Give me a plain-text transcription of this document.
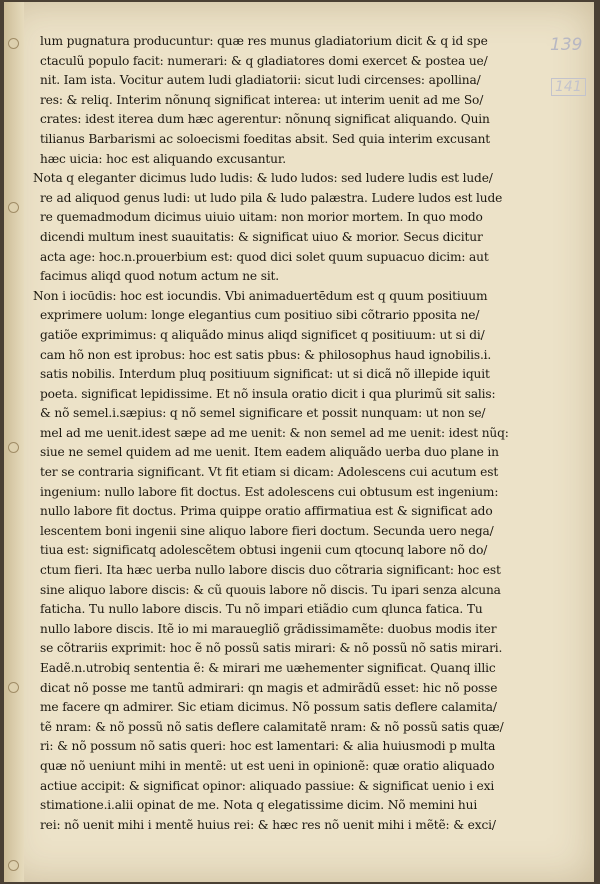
139
141
lum pugnatura producuntur: quæ res munus gladiatorium dicit & q id spe
ctaculũ populo facit: numerari: & q gladiatores domi exercet & postea ue/
nit. Iam ista. Vocitur autem ludi gladiatorii: sicut ludi circenses: apollina/
res: & reliq. Interim nõnunq significat interea: ut interim uenit ad me So/
crates: idest iterea dum hæc agerentur: nõnunq significat aliquando. Quin
tilianus Barbarismi ac soloecismi foeditas absit. Sed quia interim excusant
hæc uicia: hoc est aliquando excusantur.
Nota q eleganter dicimus ludo ludis: & ludo ludos: sed ludere ludis est lude/
re ad aliquod genus ludi: ut ludo pila & ludo palæstra. Ludere ludos est lude
re quemadmodum dicimus uiuio uitam: non morior mortem. In quo modo
dicendi multum inest suauitatis: & significat uiuo & morior. Secus dicitur
acta age: hoc.n.prouerbium est: quod dici solet quum supuacuo dicim: aut
facimus aliqd quod notum actum ne sit.
Non i iocūdis: hoc est iocundis. Vbi animaduertēdum est q quum positiuum
exprimere uolum: longe elegantius cum positiuo sibi cõtrario pposita ne/
gatiõe exprimimus: q aliquãdo minus aliqd significet q positiuum: ut si di/
cam hõ non est iprobus: hoc est satis pbus: & philosophus haud ignobilis.i.
satis nobilis. Interdum pluq positiuum significat: ut si dicã nõ illepide iquit
poeta. significat lepidissime. Et nõ insula oratio dicit i qua plurimũ sit salis:
& nõ semel.i.sæpius: q nõ semel significare et possit nunquam: ut non se/
mel ad me uenit.idest sæpe ad me uenit: & non semel ad me uenit: idest nũq:
siue ne semel quidem ad me uenit. Item eadem aliquãdo uerba duo plane in
ter se contraria significant. Vt fit etiam si dicam: Adolescens cui acutum est
ingenium: nullo labore fit doctus. Est adolescens cui obtusum est ingenium:
nullo labore fit doctus. Prima quippe oratio affirmatiua est & significat ado
lescentem boni ingenii sine aliquo labore fieri doctum. Secunda uero nega/
tiua est: significatq adolescẽtem obtusi ingenii cum qtocunq labore nõ do/
ctum fieri. Ita hæc uerba nullo labore discis duo cõtraria significant: hoc est
sine aliquo labore discis: & cũ quouis labore nõ discis. Tu ipari senza alcuna
faticha. Tu nullo labore discis. Tu nõ impari etiãdio cum qlunca fatica. Tu
nullo labore discis. Itẽ io mi marauegliõ grãdissimamẽte: duobus modis iter
se cõtrariis exprimit: hoc ẽ nõ possũ satis mirari: & nõ possũ nõ satis mirari.
Eadẽ.n.utrobiq sententia ẽ: & mirari me uæhementer significat. Quanq illic
dicat nõ posse me tantũ admirari: qn magis et admirãdũ esset: hic nõ posse
me facere qn admirer. Sic etiam dicimus. Nõ possum satis deflere calamita/
tẽ nram: & nõ possũ nõ satis deflere calamitatẽ nram: & nõ possũ satis quæ/
ri: & nõ possum nõ satis queri: hoc est lamentari: & alia huiusmodi p multa
quæ nõ ueniunt mihi in mentẽ: ut est ueni in opinionẽ: quæ oratio aliquado
actiue accipit: & significat opinor: aliquado passiue: & significat uenio i exi
stimatione.i.alii opinat de me. Nota q elegatissime dicim. Nõ memini hui
rei: nõ uenit mihi i mentẽ huius rei: & hæc res nõ uenit mihi i mẽtẽ: & exci/
